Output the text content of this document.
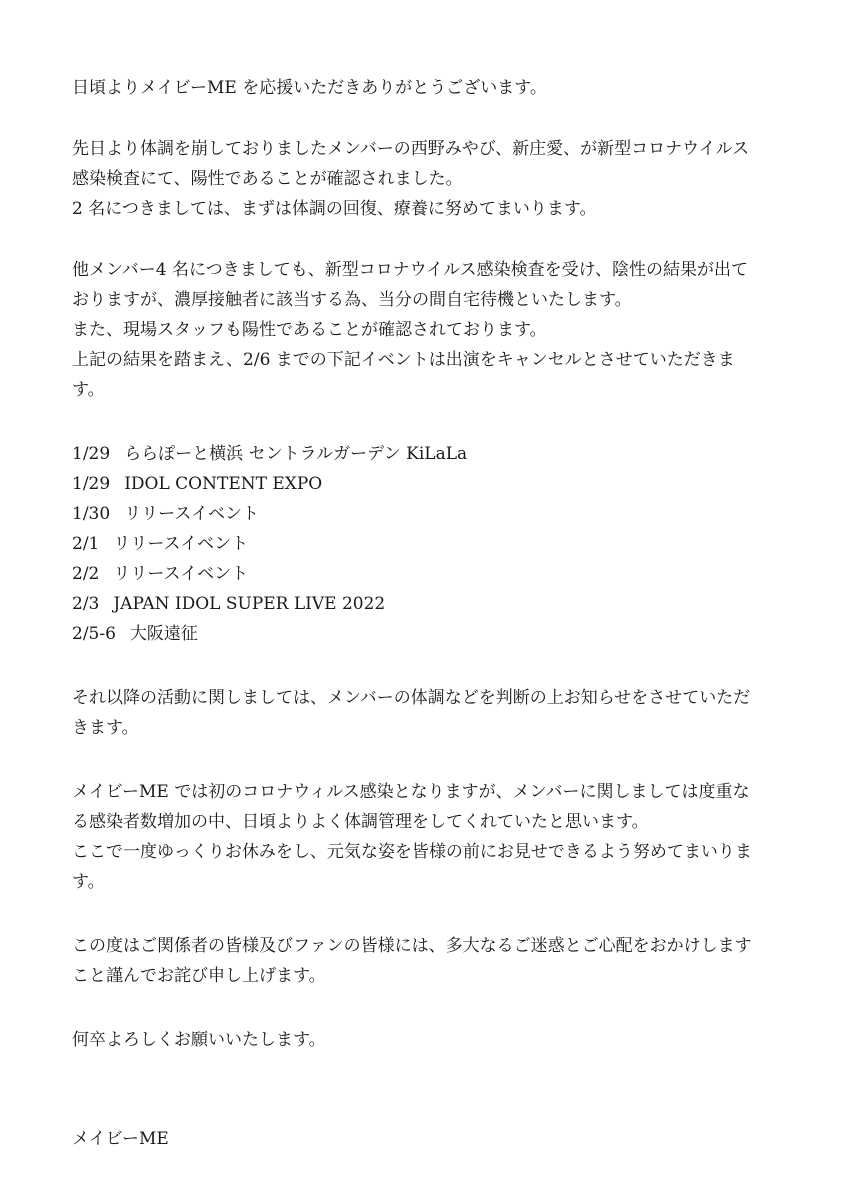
日頃よりメイビーME を応援いただきありがとうございます。

先日より体調を崩しておりましたメンバーの西野みやび、新庄愛、が新型コロナウイルス
感染検査にて、陽性であることが確認されました。
2 名につきましては、まずは体調の回復、療養に努めてまいります。

他メンバー4 名につきましても、新型コロナウイルス感染検査を受け、陰性の結果が出て
おりますが、濃厚接触者に該当する為、当分の間自宅待機といたします。
また、現場スタッフも陽性であることが確認されております。
上記の結果を踏まえ、2/6 までの下記イベントは出演をキャンセルとさせていただきま
す。

1/29 ららぽーと横浜 セントラルガーデン KiLaLa
1/29 IDOL CONTENT EXPO
1/30 リリースイベント
2/1 リリースイベント
2/2 リリースイベント
2/3 JAPAN IDOL SUPER LIVE 2022
2/5-6 大阪遠征

それ以降の活動に関しましては、メンバーの体調などを判断の上お知らせをさせていただ
きます。

メイビーME では初のコロナウィルス感染となりますが、メンバーに関しましては度重な
る感染者数増加の中、日頃よりよく体調管理をしてくれていたと思います。
ここで一度ゆっくりお休みをし、元気な姿を皆様の前にお見せできるよう努めてまいりま
す。

この度はご関係者の皆様及びファンの皆様には、多大なるご迷惑とご心配をおかけします
こと謹んでお詫び申し上げます。

何卒よろしくお願いいたします。

メイビーME
